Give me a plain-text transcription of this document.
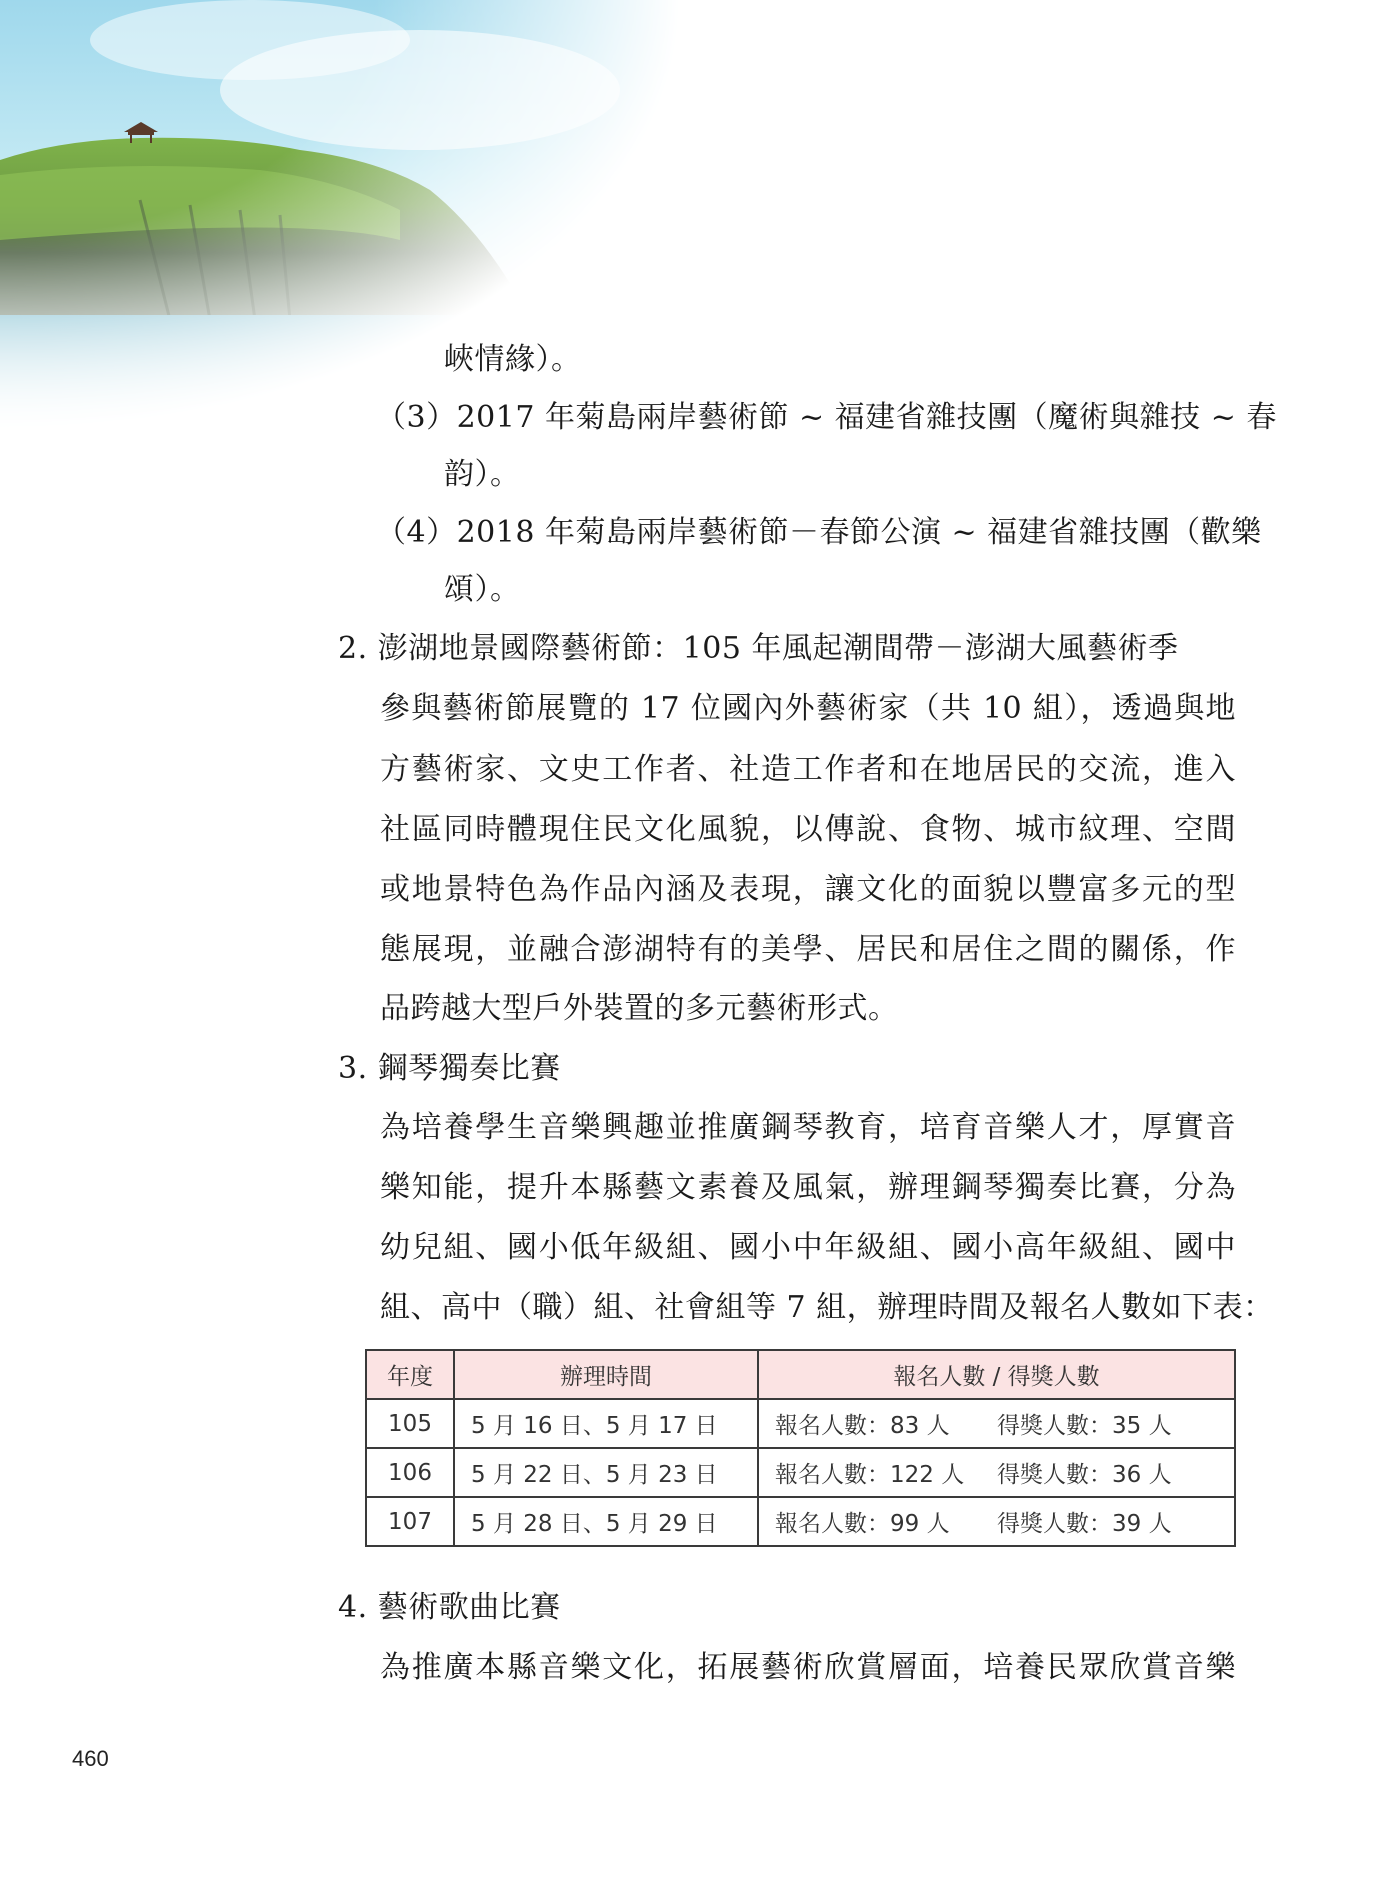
峽情緣）。
（3）2017 年菊島兩岸藝術節 ~ 福建省雜技團（魔術與雜技 ~ 春
韵）。
（4）2018 年菊島兩岸藝術節－春節公演 ~ 福建省雜技團（歡樂
頌）。
2. 澎湖地景國際藝術節：105 年風起潮間帶－澎湖大風藝術季
參與藝術節展覽的 17 位國內外藝術家（共 10 組），透過與地
方藝術家、文史工作者、社造工作者和在地居民的交流，進入
社區同時體現住民文化風貌，以傳說、食物、城市紋理、空間
或地景特色為作品內涵及表現，讓文化的面貌以豐富多元的型
態展現，並融合澎湖特有的美學、居民和居住之間的關係，作
品跨越大型戶外裝置的多元藝術形式。
3. 鋼琴獨奏比賽
為培養學生音樂興趣並推廣鋼琴教育，培育音樂人才，厚實音
樂知能，提升本縣藝文素養及風氣，辦理鋼琴獨奏比賽，分為
幼兒組、國小低年級組、國小中年級組、國小高年級組、國中
組、高中（職）組、社會組等 7 組，辦理時間及報名人數如下表：
年度	辦理時間	報名人數 / 得獎人數
105	5 月 16 日、5 月 17 日	報名人數：83 人 得獎人數：35 人
106	5 月 22 日、5 月 23 日	報名人數：122 人 得獎人數：36 人
107	5 月 28 日、5 月 29 日	報名人數：99 人 得獎人數：39 人
4. 藝術歌曲比賽
為推廣本縣音樂文化，拓展藝術欣賞層面，培養民眾欣賞音樂
460
